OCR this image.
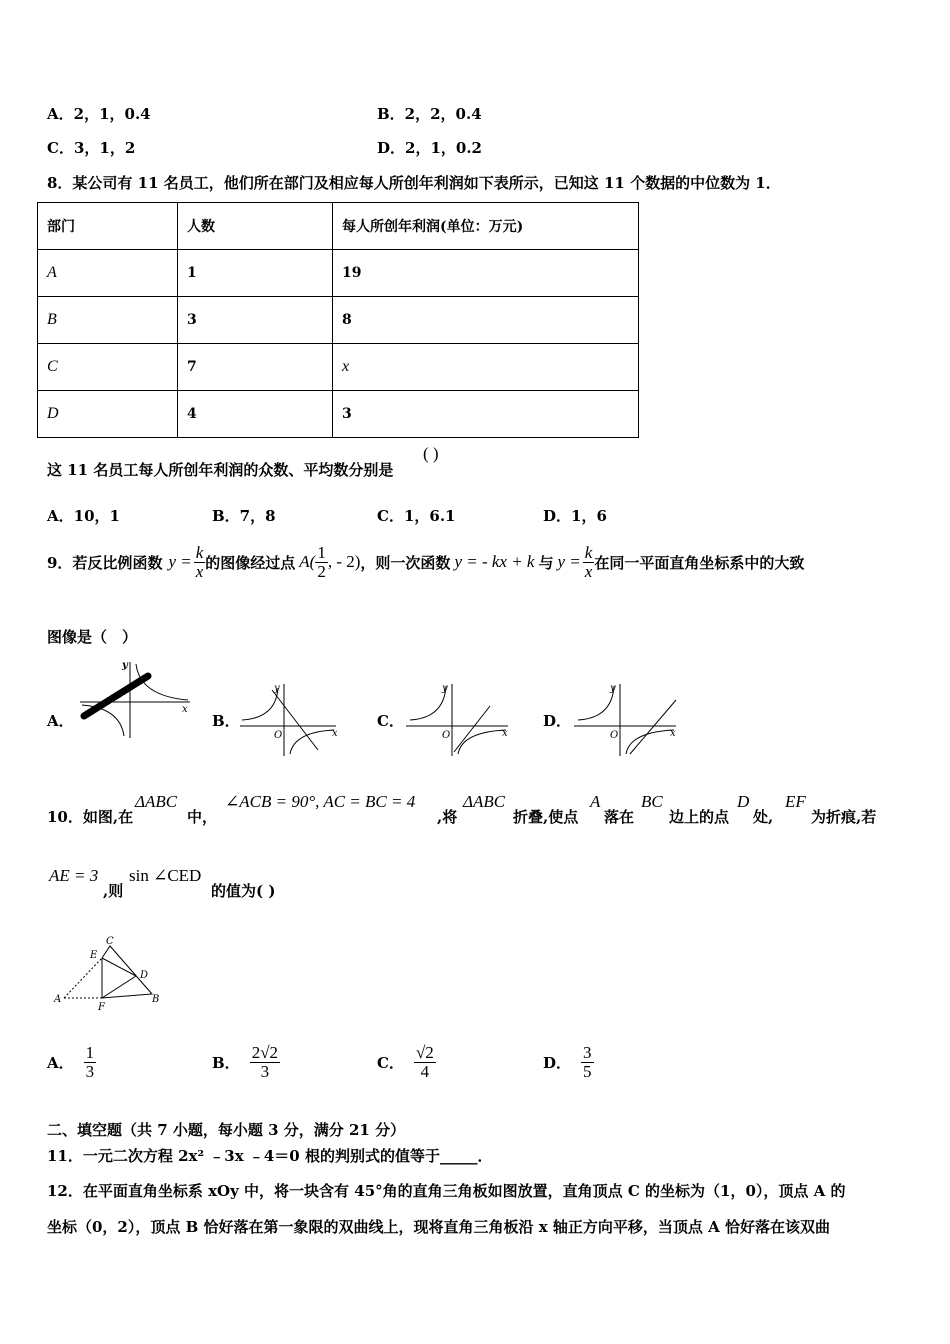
A．2，1，0.4	B．2，2，0.4
C．3，1，2	D．2，1，0.2
8．某公司有 11 名员工，他们所在部门及相应每人所创年利润如下表所示，已知这 11 个数据的中位数为 1．
部门	人数	每人所创年利润(单位：万元)
A	1	19
B	3	8
C	7	x
D	4	3
这 11 名员工每人所创年利润的众数、平均数分别是
( )
A．10，1	B．7，8	C．1，6.1	D．1，6
9．若反比例函数 $y = \frac{k}{x}$ 的图像经过点 $A( \frac{1}{2}$ , - 2) ，则一次函数 y = - kx + k 与 $y = \frac{k}{x}$ 在同一平面直角坐标系中的大致
图像是（　）
A．	B．	C．	D．
y
x
y
O	x
y
O	x
y
O	x
10．如图,在
ΔABC
中，
∠ACB = 90°, AC = BC = 4
,将
ΔABC
折叠,使点
A
落在
BC
边上的点
D
处,
EF
为折痕,若
AE = 3
,则
sin ∠CED
的值为( )
C
E
D
A
F
B
A． $\frac{1}{3}$	B． $\frac{2√2}{3}$	C． $\frac{√2}{4}$	D． $\frac{3}{5}$
二、填空题（共 7 小题，每小题 3 分，满分 21 分）
11．一元二次方程 2x² ﹣3x ﹣4＝0 根的判别式的值等于_____．
12．在平面直角坐标系 xOy 中，将一块含有 45°角的直角三角板如图放置，直角顶点 C 的坐标为（1，0），顶点 A 的
坐标（0，2），顶点 B 恰好落在第一象限的双曲线上，现将直角三角板沿 x 轴正方向平移，当顶点 A 恰好落在该双曲
